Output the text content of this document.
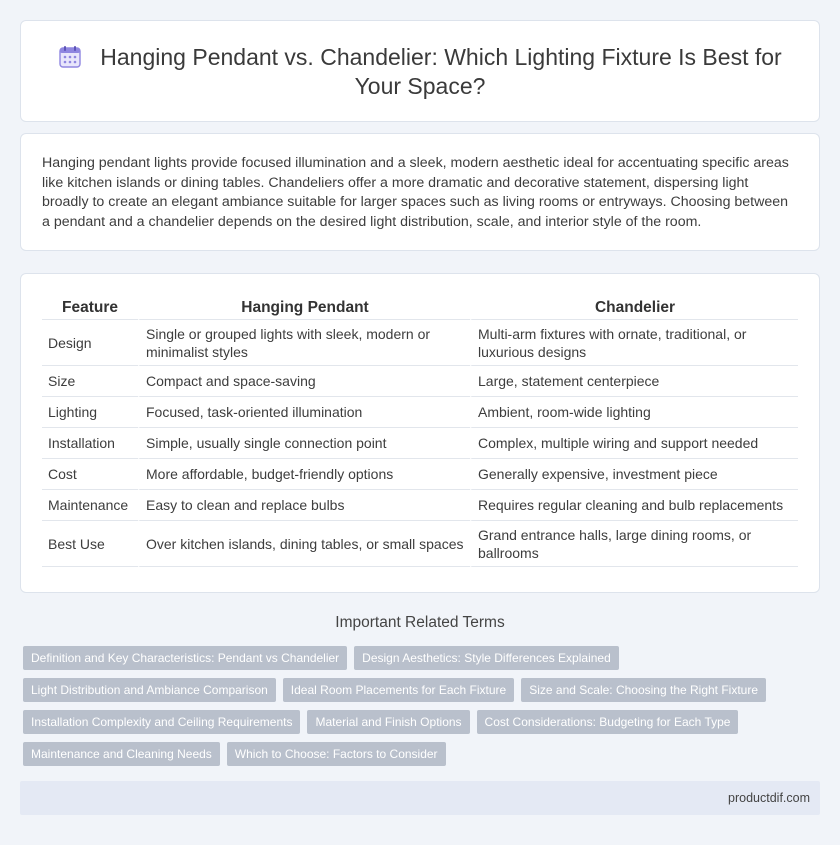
Hanging Pendant vs. Chandelier: Which Lighting Fixture Is Best for Your Space?

Hanging pendant lights provide focused illumination and a sleek, modern aesthetic ideal for accentuating specific areas like kitchen islands or dining tables. Chandeliers offer a more dramatic and decorative statement, dispersing light broadly to create an elegant ambiance suitable for larger spaces such as living rooms or entryways. Choosing between a pendant and a chandelier depends on the desired light distribution, scale, and interior style of the room.

Feature	Hanging Pendant	Chandelier
Design	Single or grouped lights with sleek, modern or minimalist styles	Multi-arm fixtures with ornate, traditional, or luxurious designs
Size	Compact and space-saving	Large, statement centerpiece
Lighting	Focused, task-oriented illumination	Ambient, room-wide lighting
Installation	Simple, usually single connection point	Complex, multiple wiring and support needed
Cost	More affordable, budget-friendly options	Generally expensive, investment piece
Maintenance	Easy to clean and replace bulbs	Requires regular cleaning and bulb replacements
Best Use	Over kitchen islands, dining tables, or small spaces	Grand entrance halls, large dining rooms, or ballrooms
Important Related Terms
Definition and Key Characteristics: Pendant vs Chandelier	Design Aesthetics: Style Differences Explained
Light Distribution and Ambiance Comparison	Ideal Room Placements for Each Fixture	Size and Scale: Choosing the Right Fixture
Installation Complexity and Ceiling Requirements	Material and Finish Options	Cost Considerations: Budgeting for Each Type
Maintenance and Cleaning Needs	Which to Choose: Factors to Consider
productdif.com
